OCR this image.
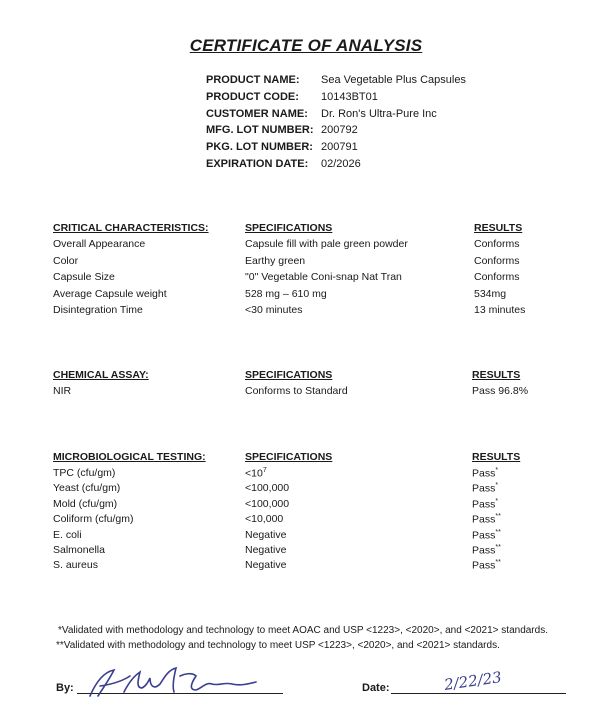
CERTIFICATE OF ANALYSIS
PRODUCT NAME: Sea Vegetable Plus Capsules
PRODUCT CODE: 10143BT01
CUSTOMER NAME: Dr. Ron's Ultra-Pure Inc
MFG. LOT NUMBER: 200792
PKG. LOT NUMBER: 200791
EXPIRATION DATE: 02/2026
CRITICAL CHARACTERISTICS:	SPECIFICATIONS	RESULTS
Overall Appearance	Capsule fill with pale green powder	Conforms
Color	Earthy green	Conforms
Capsule Size	"0" Vegetable Coni-snap Nat Tran	Conforms
Average Capsule weight	528 mg – 610 mg	534mg
Disintegration Time	<30 minutes	13 minutes
CHEMICAL ASSAY:	SPECIFICATIONS	RESULTS
NIR	Conforms to Standard	Pass 96.8%
MICROBIOLOGICAL TESTING:	SPECIFICATIONS	RESULTS
TPC (cfu/gm)	$<10^7$	Pass*
Yeast (cfu/gm)	<100,000	Pass*
Mold (cfu/gm)	<100,000	Pass*
Coliform (cfu/gm)	<10,000	Pass**
E. coli	Negative	Pass**
Salmonella	Negative	Pass**
S. aureus	Negative	Pass**
*Validated with methodology and technology to meet AOAC and USP <1223>, <2020>, and <2021> standards.
**Validated with methodology and technology to meet USP <1223>, <2020>, and <2021> standards.
By:	Date:	2/22/23
